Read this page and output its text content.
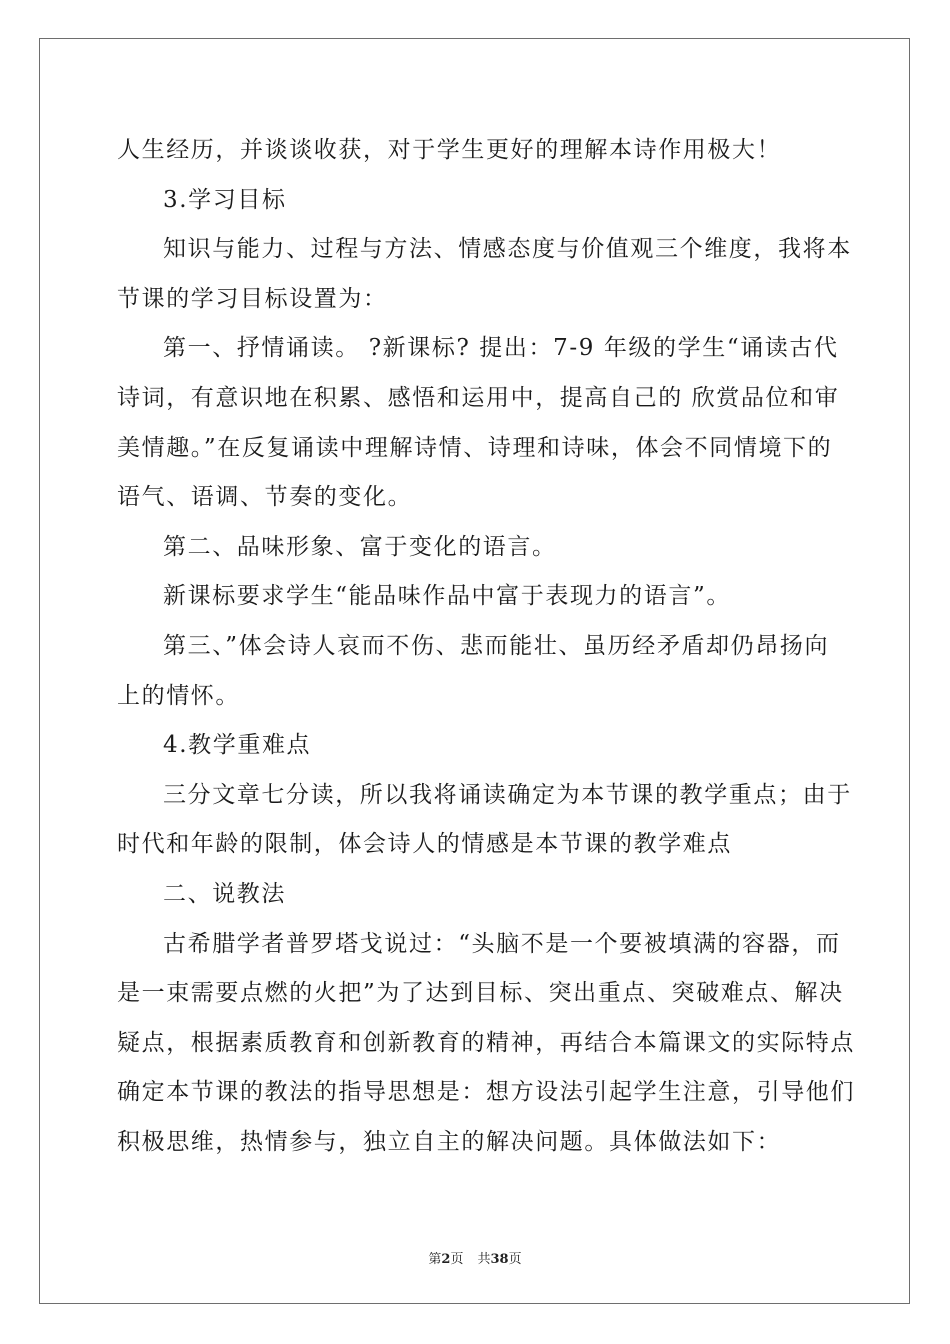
人生经历，并谈谈收获，对于学生更好的理解本诗作用极大！

3.学习目标

知识与能力、过程与方法、情感态度与价值观三个维度，我将本

节课的学习目标设置为：

第一、抒情诵读。 ?新课标? 提出：7-9 年级的学生“诵读古代

诗词，有意识地在积累、感悟和运用中，提高自己的 欣赏品位和审

美情趣。”在反复诵读中理解诗情、诗理和诗味，体会不同情境下的

语气、语调、节奏的变化。

第二、品味形象、富于变化的语言。

新课标要求学生“能品味作品中富于表现力的语言”。

第三、”体会诗人哀而不伤、悲而能壮、虽历经矛盾却仍昂扬向

上的情怀。

4.教学重难点

三分文章七分读，所以我将诵读确定为本节课的教学重点；由于

时代和年龄的限制，体会诗人的情感是本节课的教学难点

二、说教法

古希腊学者普罗塔戈说过：“头脑不是一个要被填满的容器，而

是一束需要点燃的火把”为了达到目标、突出重点、突破难点、解决

疑点，根据素质教育和创新教育的精神，再结合本篇课文的实际特点

确定本节课的教法的指导思想是：想方设法引起学生注意，引导他们

积极思维，热情参与，独立自主的解决问题。具体做法如下：

第2页 共38页
